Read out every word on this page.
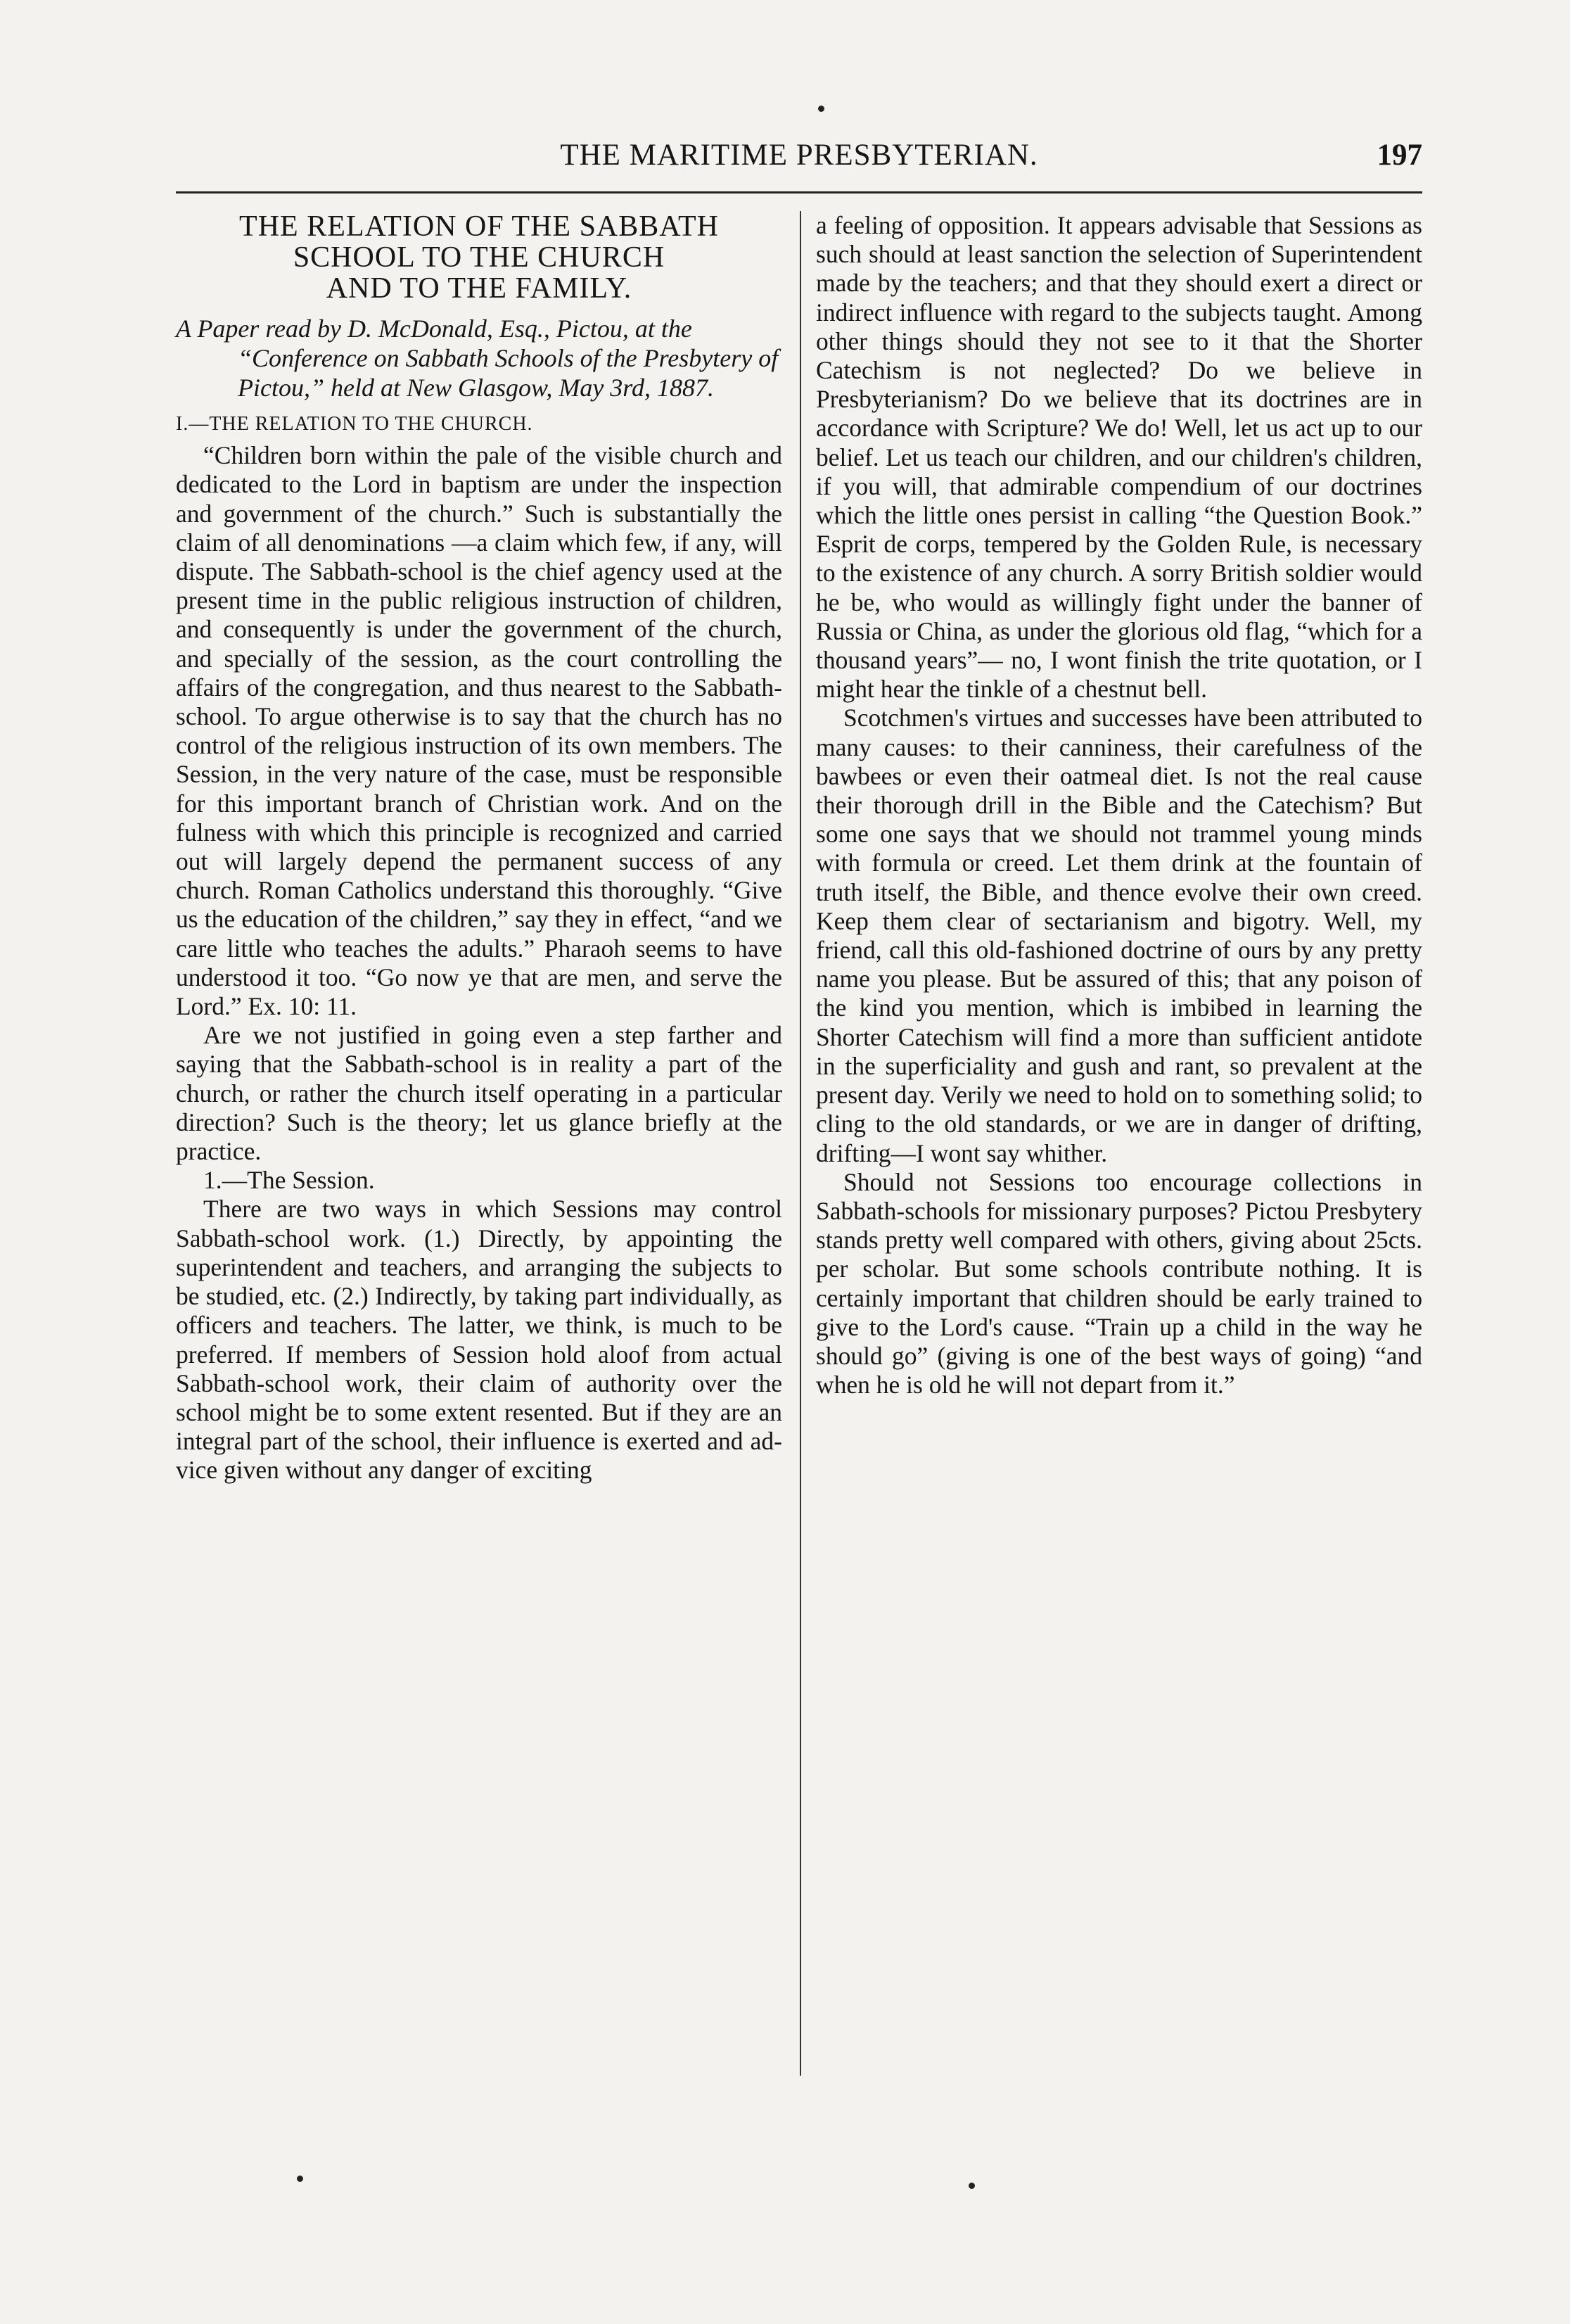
THE MARITIME PRESBYTERIAN.	197
THE RELATION OF THE SABBATH
SCHOOL TO THE CHURCH
AND TO THE FAMILY.
A Paper read by D. McDonald, Esq., Pictou, at the “Conference on Sabbath Schools of the Presbytery of Pictou,” held at New Glasgow, May 3rd, 1887.
I.—THE RELATION TO THE CHURCH.

“Children born within the pale of the visible church and dedicated to the Lord in baptism are under the inspection and government of the church.” Such is substantially the claim of all denominations —a claim which few, if any, will dispute. The Sabbath-school is the chief agency used at the present time in the public religious instruction of children, and consequently is under the government of the church, and specially of the session, as the court controlling the affairs of the congregation, and thus nearest to the Sabbath-school. To argue otherwise is to say that the church has no control of the religious instruction of its own members. The Session, in the very nature of the case, must be responsible for this important branch of Christian work. And on the fulness with which this principle is recognized and carried out will largely depend the permanent success of any church. Roman Catholics understand this thoroughly. “Give us the education of the children,” say they in effect, “and we care little who teaches the adults.” Pharaoh seems to have understood it too. “Go now ye that are men, and serve the Lord.” Ex. 10: 11.

Are we not justified in going even a step farther and saying that the Sabbath-school is in reality a part of the church, or rather the church itself operating in a particular direction? Such is the theory; let us glance briefly at the practice.

1.—The Session.

There are two ways in which Sessions may control Sabbath-school work. (1.) Directly, by appointing the superintendent and teachers, and arranging the subjects to be studied, etc. (2.) Indirectly, by taking part individually, as officers and teachers. The latter, we think, is much to be preferred. If members of Session hold aloof from actual Sabbath-school work, their claim of authority over the school might be to some extent resented. But if they are an integral part of the school, their influence is exerted and advice given without any danger of exciting

a feeling of opposition. It appears advisable that Sessions as such should at least sanction the selection of Superintendent made by the teachers; and that they should exert a direct or indirect influence with regard to the subjects taught. Among other things should they not see to it that the Shorter Catechism is not neglected? Do we believe in Presbyterianism? Do we believe that its doctrines are in accordance with Scripture? We do! Well, let us act up to our belief. Let us teach our children, and our children's children, if you will, that admirable compendium of our doctrines which the little ones persist in calling “the Question Book.” Esprit de corps, tempered by the Golden Rule, is necessary to the existence of any church. A sorry British soldier would he be, who would as willingly fight under the banner of Russia or China, as under the glorious old flag, “which for a thousand years”— no, I wont finish the trite quotation, or I might hear the tinkle of a chestnut bell.

Scotchmen's virtues and successes have been attributed to many causes: to their canniness, their carefulness of the bawbees or even their oatmeal diet. Is not the real cause their thorough drill in the Bible and the Catechism? But some one says that we should not trammel young minds with formula or creed. Let them drink at the fountain of truth itself, the Bible, and thence evolve their own creed. Keep them clear of sectarianism and bigotry. Well, my friend, call this old-fashioned doctrine of ours by any pretty name you please. But be assured of this; that any poison of the kind you mention, which is imbibed in learning the Shorter Catechism will find a more than sufficient antidote in the superficiality and gush and rant, so prevalent at the present day. Verily we need to hold on to something solid; to cling to the old standards, or we are in danger of drifting, drifting—I wont say whither.

Should not Sessions too encourage collections in Sabbath-schools for missionary purposes? Pictou Presbytery stands pretty well compared with others, giving about 25cts. per scholar. But some schools contribute nothing. It is certainly important that children should be early trained to give to the Lord's cause. “Train up a child in the way he should go” (giving is one of the best ways of going) “and when he is old he will not depart from it.”
